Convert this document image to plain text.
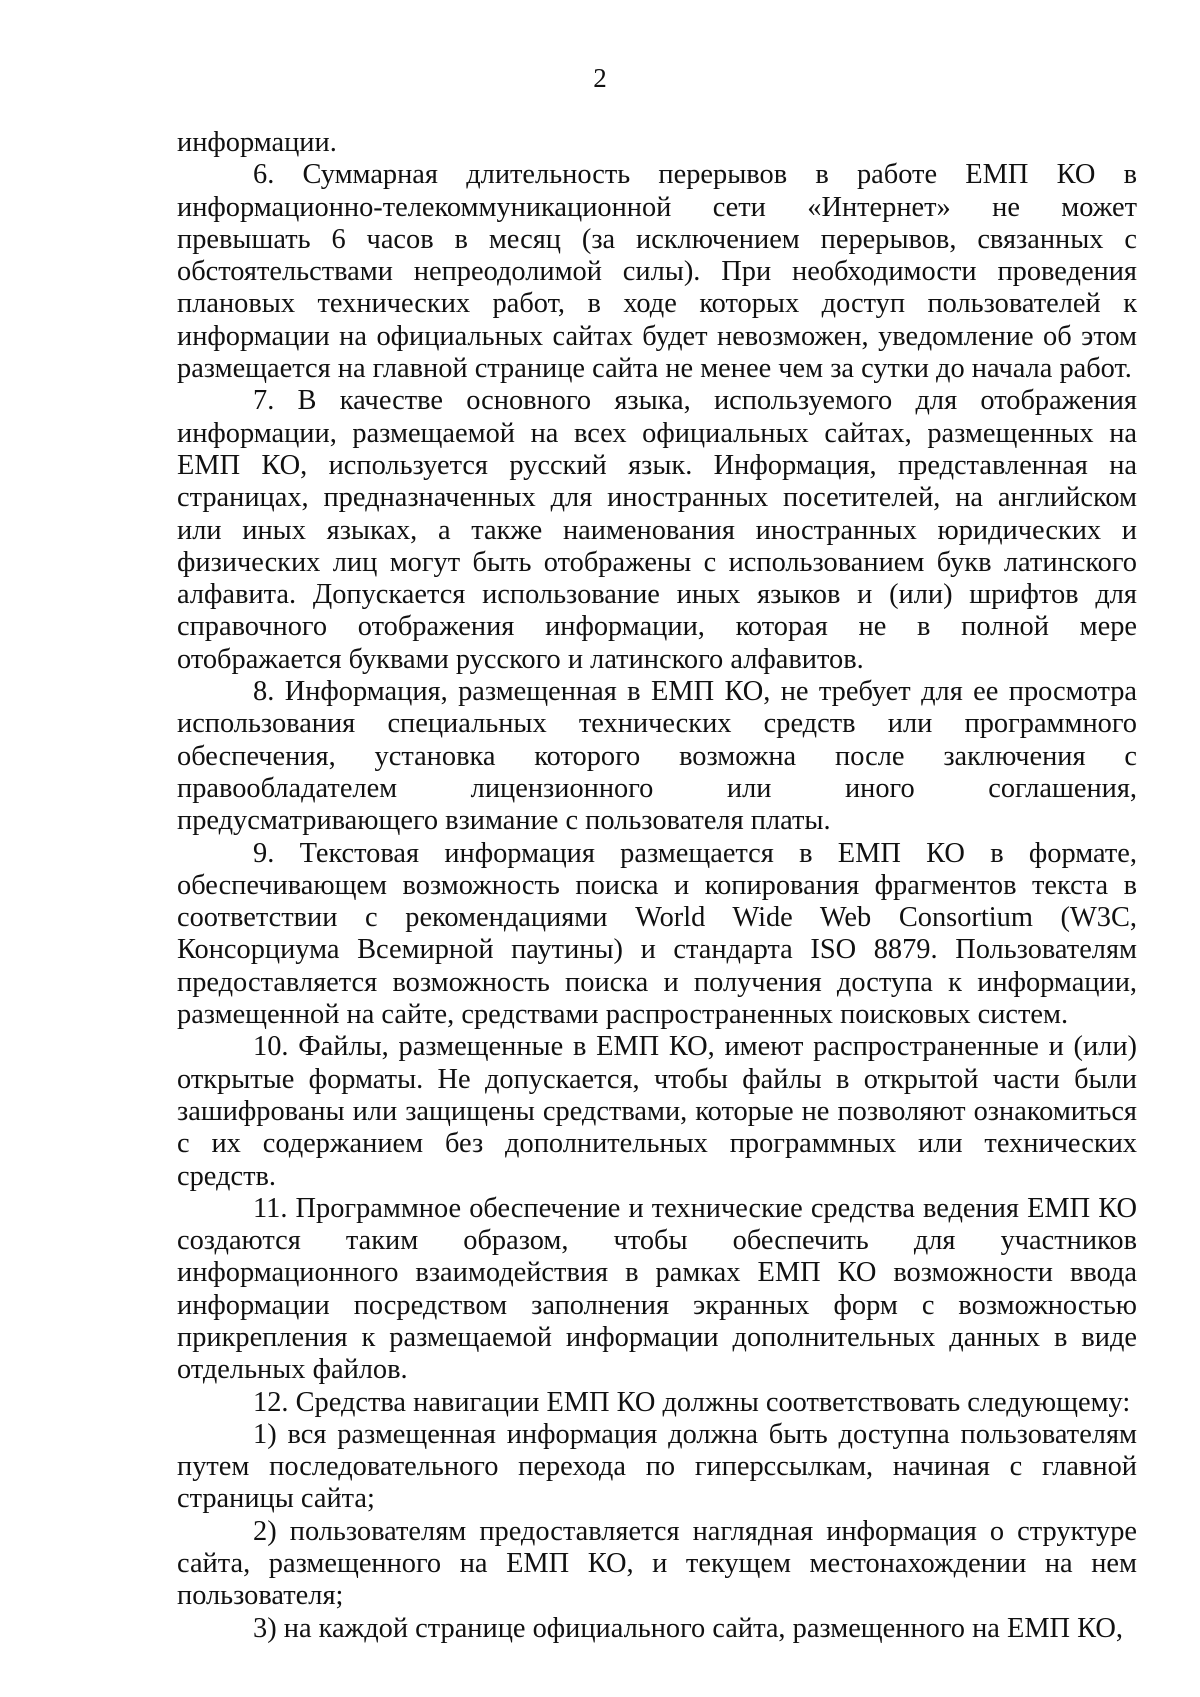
2

информации.

6. Суммарная длительность перерывов в работе ЕМП КО в информационно-телекоммуникационной сети «Интернет» не может превышать 6 часов в месяц (за исключением перерывов, связанных с обстоятельствами непреодолимой силы). При необходимости проведения плановых технических работ, в ходе которых доступ пользователей к информации на официальных сайтах будет невозможен, уведомление об этом размещается на главной странице сайта не менее чем за сутки до начала работ.

7. В качестве основного языка, используемого для отображения информации, размещаемой на всех официальных сайтах, размещенных на ЕМП КО, используется русский язык. Информация, представленная на страницах, предназначенных для иностранных посетителей, на английском или иных языках, а также наименования иностранных юридических и физических лиц могут быть отображены с использованием букв латинского алфавита. Допускается использование иных языков и (или) шрифтов для справочного отображения информации, которая не в полной мере отображается буквами русского и латинского алфавитов.

8. Информация, размещенная в ЕМП КО, не требует для ее просмотра использования специальных технических средств или программного обеспечения, установка которого возможна после заключения с правообладателем лицензионного или иного соглашения, предусматривающего взимание с пользователя платы.

9. Текстовая информация размещается в ЕМП КО в формате, обеспечивающем возможность поиска и копирования фрагментов текста в соответствии с рекомендациями World Wide Web Consortium (W3C, Консорциума Всемирной паутины) и стандарта ISO 8879. Пользователям предоставляется возможность поиска и получения доступа к информации, размещенной на сайте, средствами распространенных поисковых систем.

10. Файлы, размещенные в ЕМП КО, имеют распространенные и (или) открытые форматы. Не допускается, чтобы файлы в открытой части были зашифрованы или защищены средствами, которые не позволяют ознакомиться с их содержанием без дополнительных программных или технических средств.

11. Программное обеспечение и технические средства ведения ЕМП КО создаются таким образом, чтобы обеспечить для участников информационного взаимодействия в рамках ЕМП КО возможности ввода информации посредством заполнения экранных форм с возможностью прикрепления к размещаемой информации дополнительных данных в виде отдельных файлов.

12. Средства навигации ЕМП КО должны соответствовать следующему:

1) вся размещенная информация должна быть доступна пользователям путем последовательного перехода по гиперссылкам, начиная с главной страницы сайта;

2) пользователям предоставляется наглядная информация о структуре сайта, размещенного на ЕМП КО, и текущем местонахождении на нем пользователя;

3) на каждой странице официального сайта, размещенного на ЕМП КО,
